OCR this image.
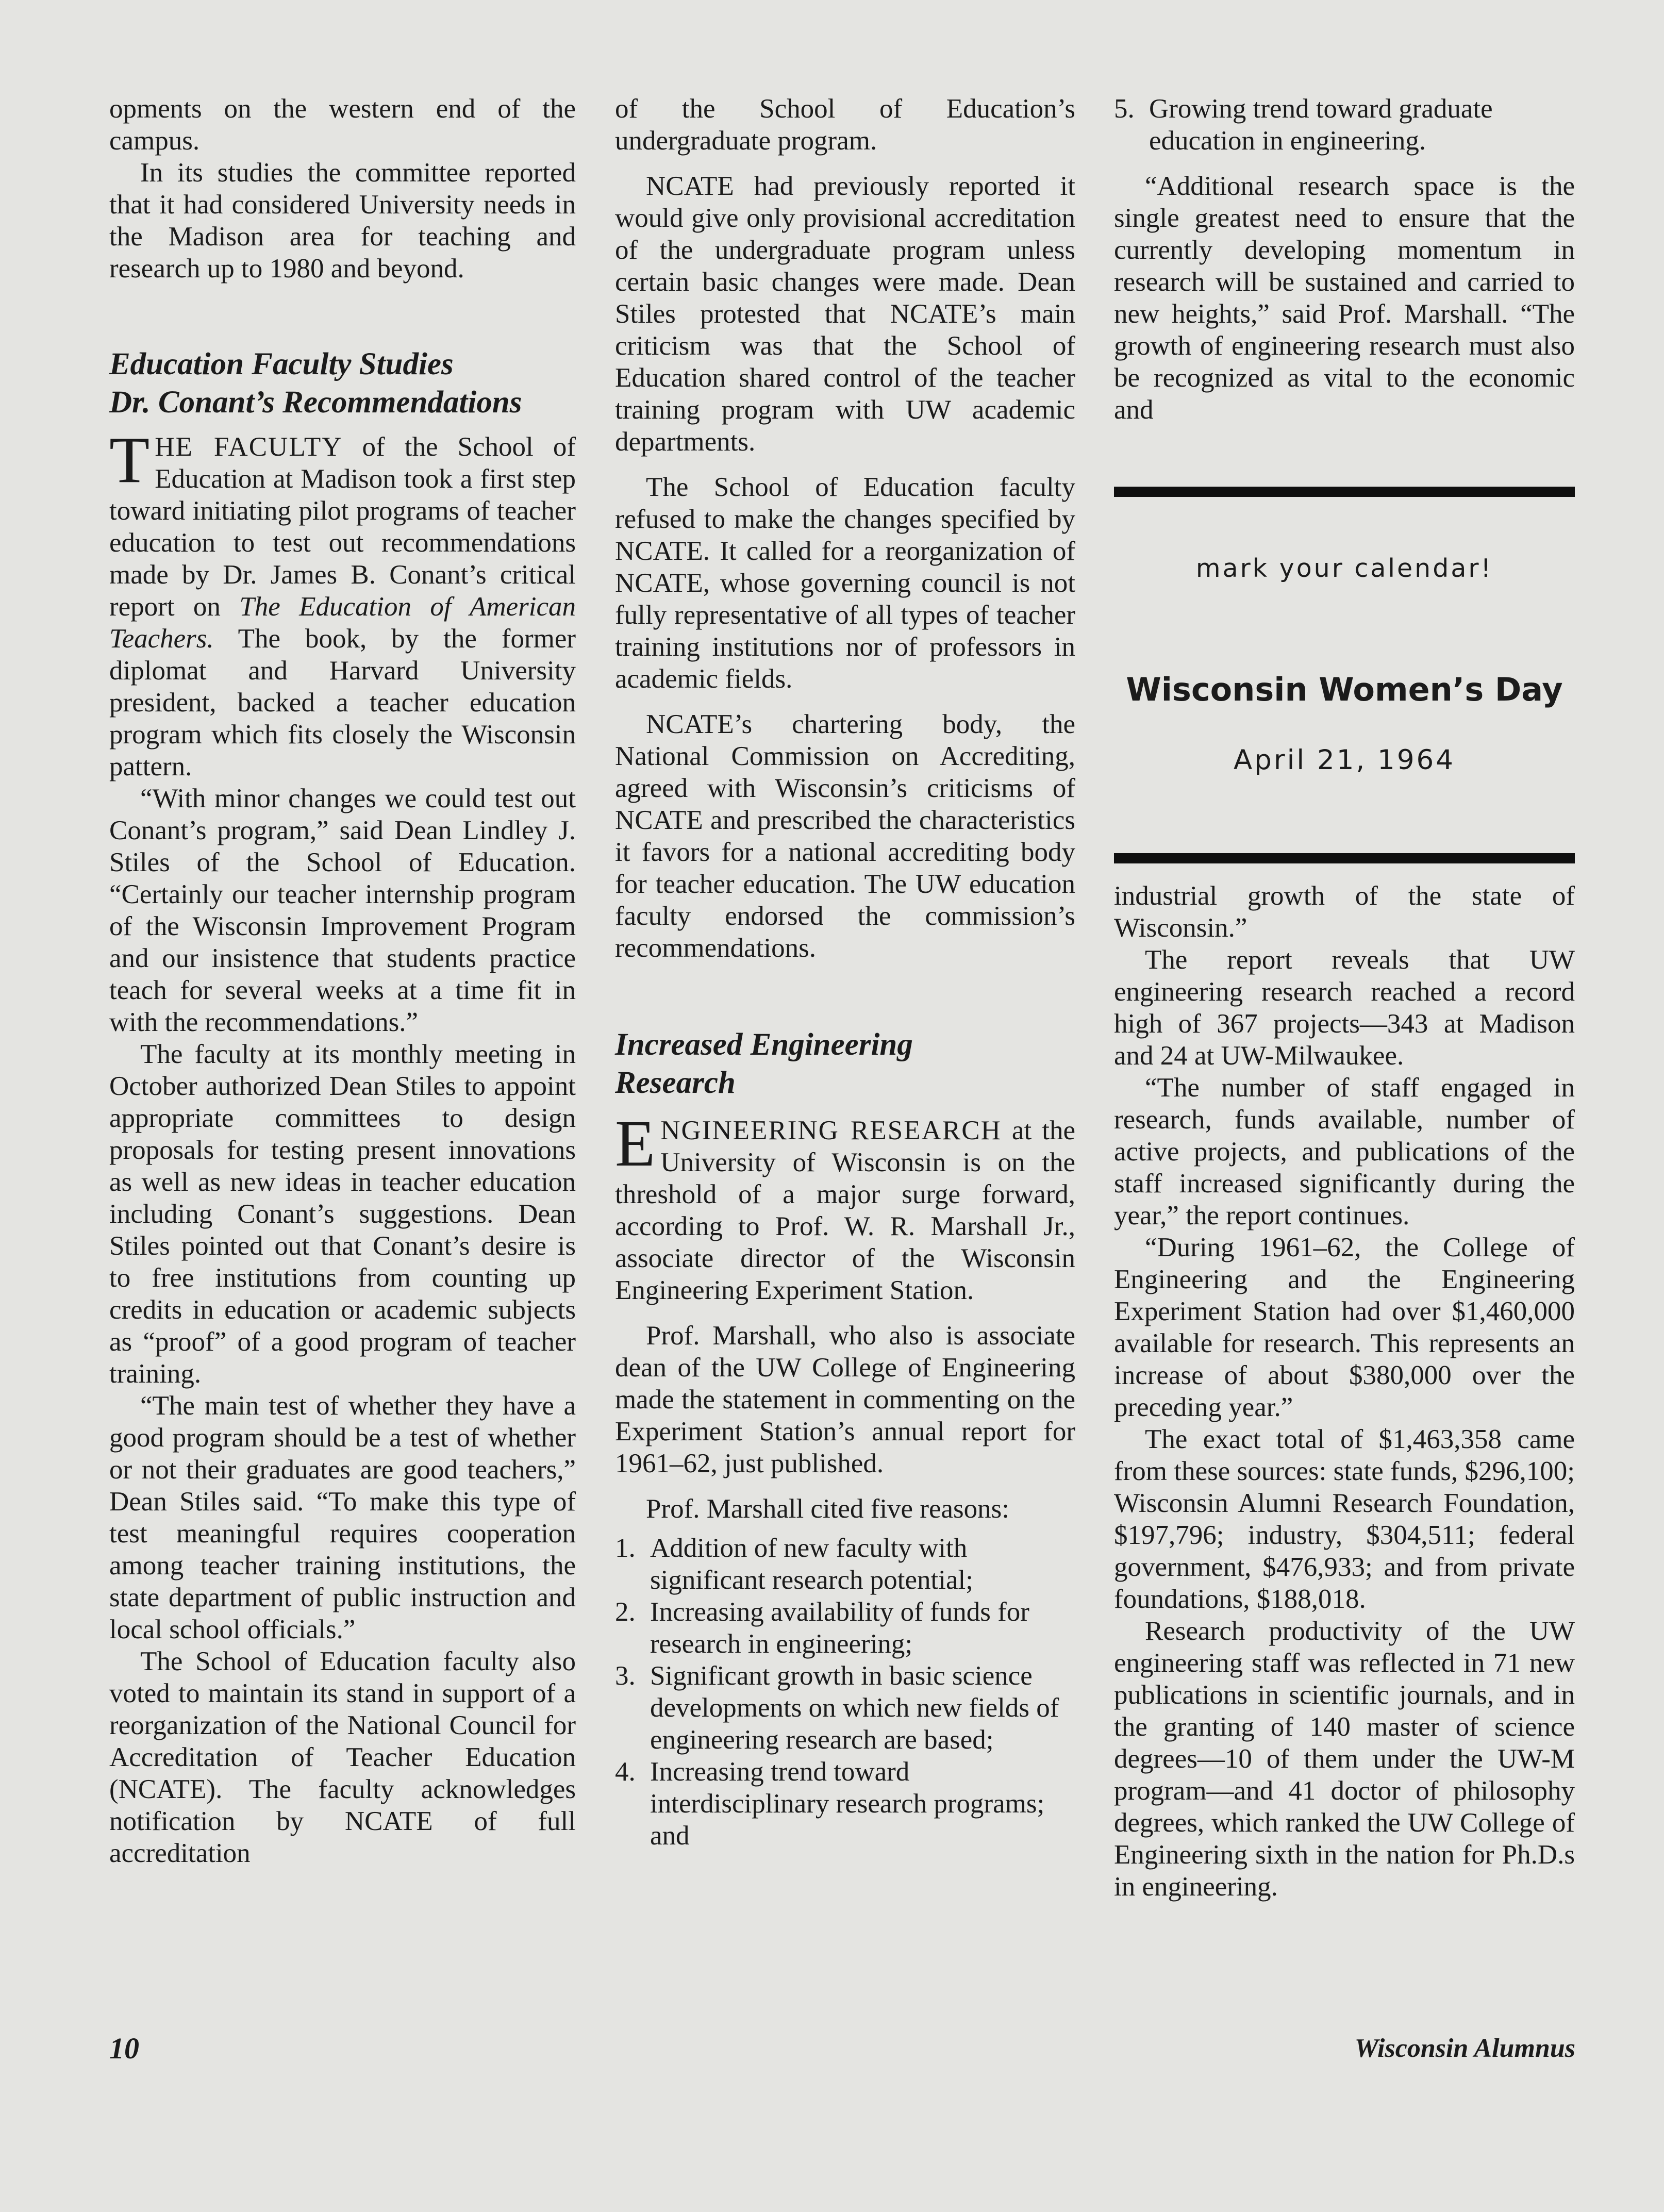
opments on the western end of the campus.

In its studies the committee reported that it had considered University needs in the Madison area for teaching and research up to 1980 and beyond.

Education Faculty Studies
Dr. Conant’s Recommendations

THE FACULTY of the School of Education at Madison took a first step toward initiating pilot programs of teacher education to test out recommendations made by Dr. James B. Conant’s critical report on The Education of American Teachers. The book, by the former diplomat and Harvard University president, backed a teacher education program which fits closely the Wisconsin pattern.

“With minor changes we could test out Conant’s program,” said Dean Lindley J. Stiles of the School of Education. “Certainly our teacher internship program of the Wisconsin Improvement Program and our insistence that students practice teach for several weeks at a time fit in with the recommendations.”

The faculty at its monthly meeting in October authorized Dean Stiles to appoint appropriate committees to design proposals for testing present innovations as well as new ideas in teacher education including Conant’s suggestions. Dean Stiles pointed out that Conant’s desire is to free institutions from counting up credits in education or academic subjects as “proof” of a good program of teacher training.

“The main test of whether they have a good program should be a test of whether or not their graduates are good teachers,” Dean Stiles said. “To make this type of test meaningful requires cooperation among teacher training institutions, the state department of public instruction and local school officials.”

The School of Education faculty also voted to maintain its stand in support of a reorganization of the National Council for Accreditation of Teacher Education (NCATE). The faculty acknowledges notification by NCATE of full accreditation

of the School of Education’s undergraduate program.

NCATE had previously reported it would give only provisional accreditation of the undergraduate program unless certain basic changes were made. Dean Stiles protested that NCATE’s main criticism was that the School of Education shared control of the teacher training program with UW academic departments.

The School of Education faculty refused to make the changes specified by NCATE. It called for a reorganization of NCATE, whose governing council is not fully representative of all types of teacher training institutions nor of professors in academic fields.

NCATE’s chartering body, the National Commission on Accrediting, agreed with Wisconsin’s criticisms of NCATE and prescribed the characteristics it favors for a national accrediting body for teacher education. The UW education faculty endorsed the commission’s recommendations.

Increased Engineering
Research

ENGINEERING RESEARCH at the University of Wisconsin is on the threshold of a major surge forward, according to Prof. W. R. Marshall Jr., associate director of the Wisconsin Engineering Experiment Station.

Prof. Marshall, who also is associate dean of the UW College of Engineering made the statement in commenting on the Experiment Station’s annual report for 1961–62, just published.

Prof. Marshall cited five reasons:

1. Addition of new faculty with significant research potential;
2. Increasing availability of funds for research in engineering;
3. Significant growth in basic science developments on which new fields of engineering research are based;
4. Increasing trend toward interdisciplinary research programs; and
5. Growing trend toward graduate education in engineering.

“Additional research space is the single greatest need to ensure that the currently developing momentum in research will be sustained and carried to new heights,” said Prof. Marshall. “The growth of engineering research must also be recognized as vital to the economic and

mark your calendar!
Wisconsin Women’s Day
April 21, 1964

industrial growth of the state of Wisconsin.”

The report reveals that UW engineering research reached a record high of 367 projects—343 at Madison and 24 at UW-Milwaukee.

“The number of staff engaged in research, funds available, number of active projects, and publications of the staff increased significantly during the year,” the report continues.

“During 1961–62, the College of Engineering and the Engineering Experiment Station had over $1,460,000 available for research. This represents an increase of about $380,000 over the preceding year.”

The exact total of $1,463,358 came from these sources: state funds, $296,100; Wisconsin Alumni Research Foundation, $197,796; industry, $304,511; federal government, $476,933; and from private foundations, $188,018.

Research productivity of the UW engineering staff was reflected in 71 new publications in scientific journals, and in the granting of 140 master of science degrees—10 of them under the UW-M program—and 41 doctor of philosophy degrees, which ranked the UW College of Engineering sixth in the nation for Ph.D.s in engineering.

10	Wisconsin Alumnus
